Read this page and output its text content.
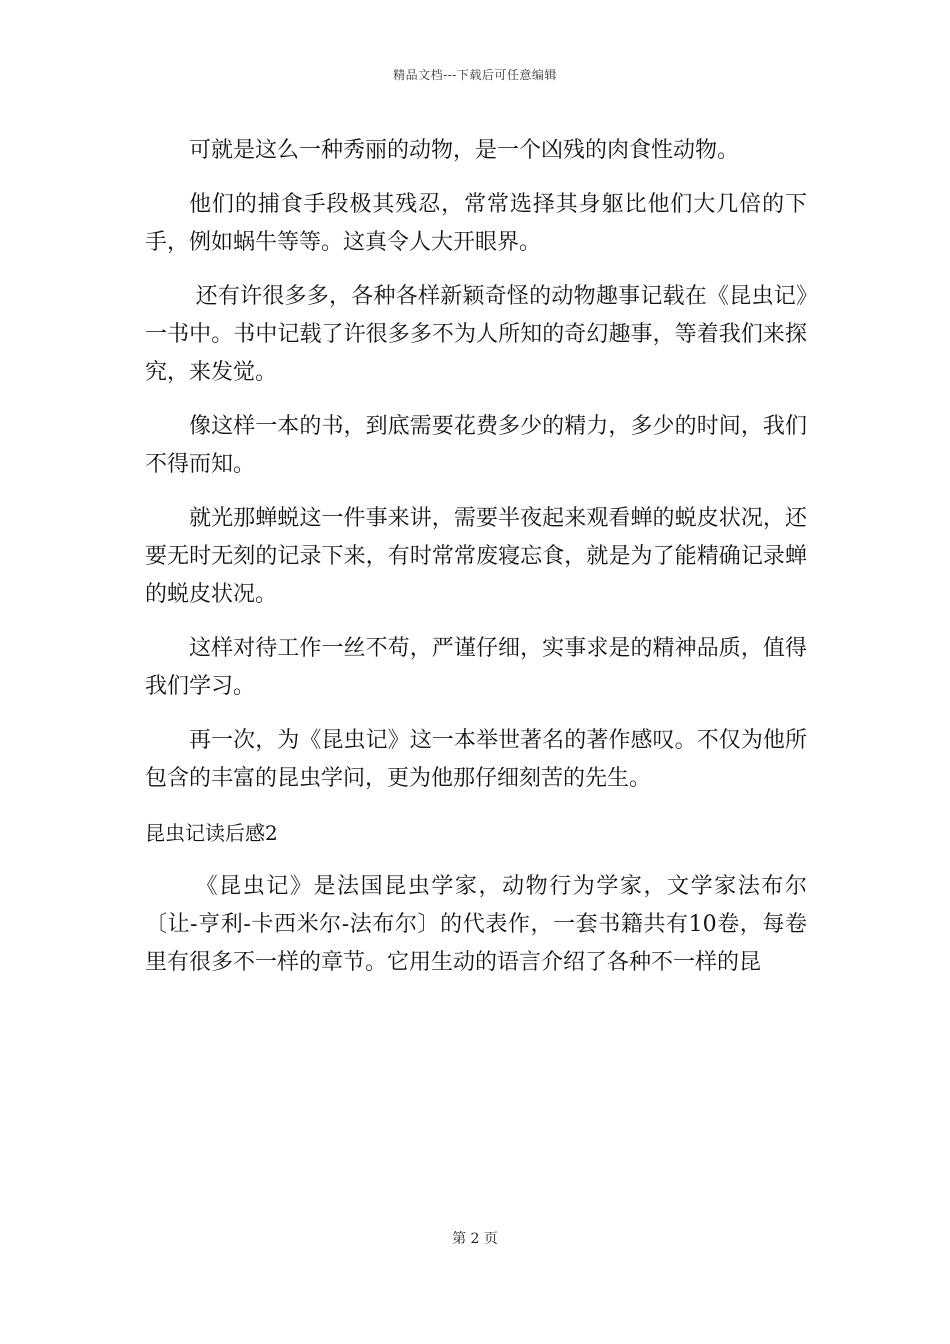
精品文档---下载后可任意编辑

可就是这么一种秀丽的动物，是一个凶残的肉食性动物。

他们的捕食手段极其残忍，常常选择其身躯比他们大几倍的下手，例如蜗牛等等。这真令人大开眼界。

还有许很多多，各种各样新颖奇怪的动物趣事记载在《昆虫记》一书中。书中记载了许很多多不为人所知的奇幻趣事，等着我们来探究，来发觉。

像这样一本的书，到底需要花费多少的精力，多少的时间，我们不得而知。

就光那蝉蜕这一件事来讲，需要半夜起来观看蝉的蜕皮状况，还要无时无刻的记录下来，有时常常废寝忘食，就是为了能精确记录蝉的蜕皮状况。

这样对待工作一丝不苟，严谨仔细，实事求是的精神品质，值得我们学习。

再一次，为《昆虫记》这一本举世著名的著作感叹。不仅为他所包含的丰富的昆虫学问，更为他那仔细刻苦的先生。

昆虫记读后感2

《昆虫记》是法国昆虫学家，动物行为学家，文学家法布尔〔让-亨利-卡西米尔-法布尔〕的代表作，一套书籍共有10卷，每卷里有很多不一样的章节。它用生动的语言介绍了各种不一样的昆

第 2 页
